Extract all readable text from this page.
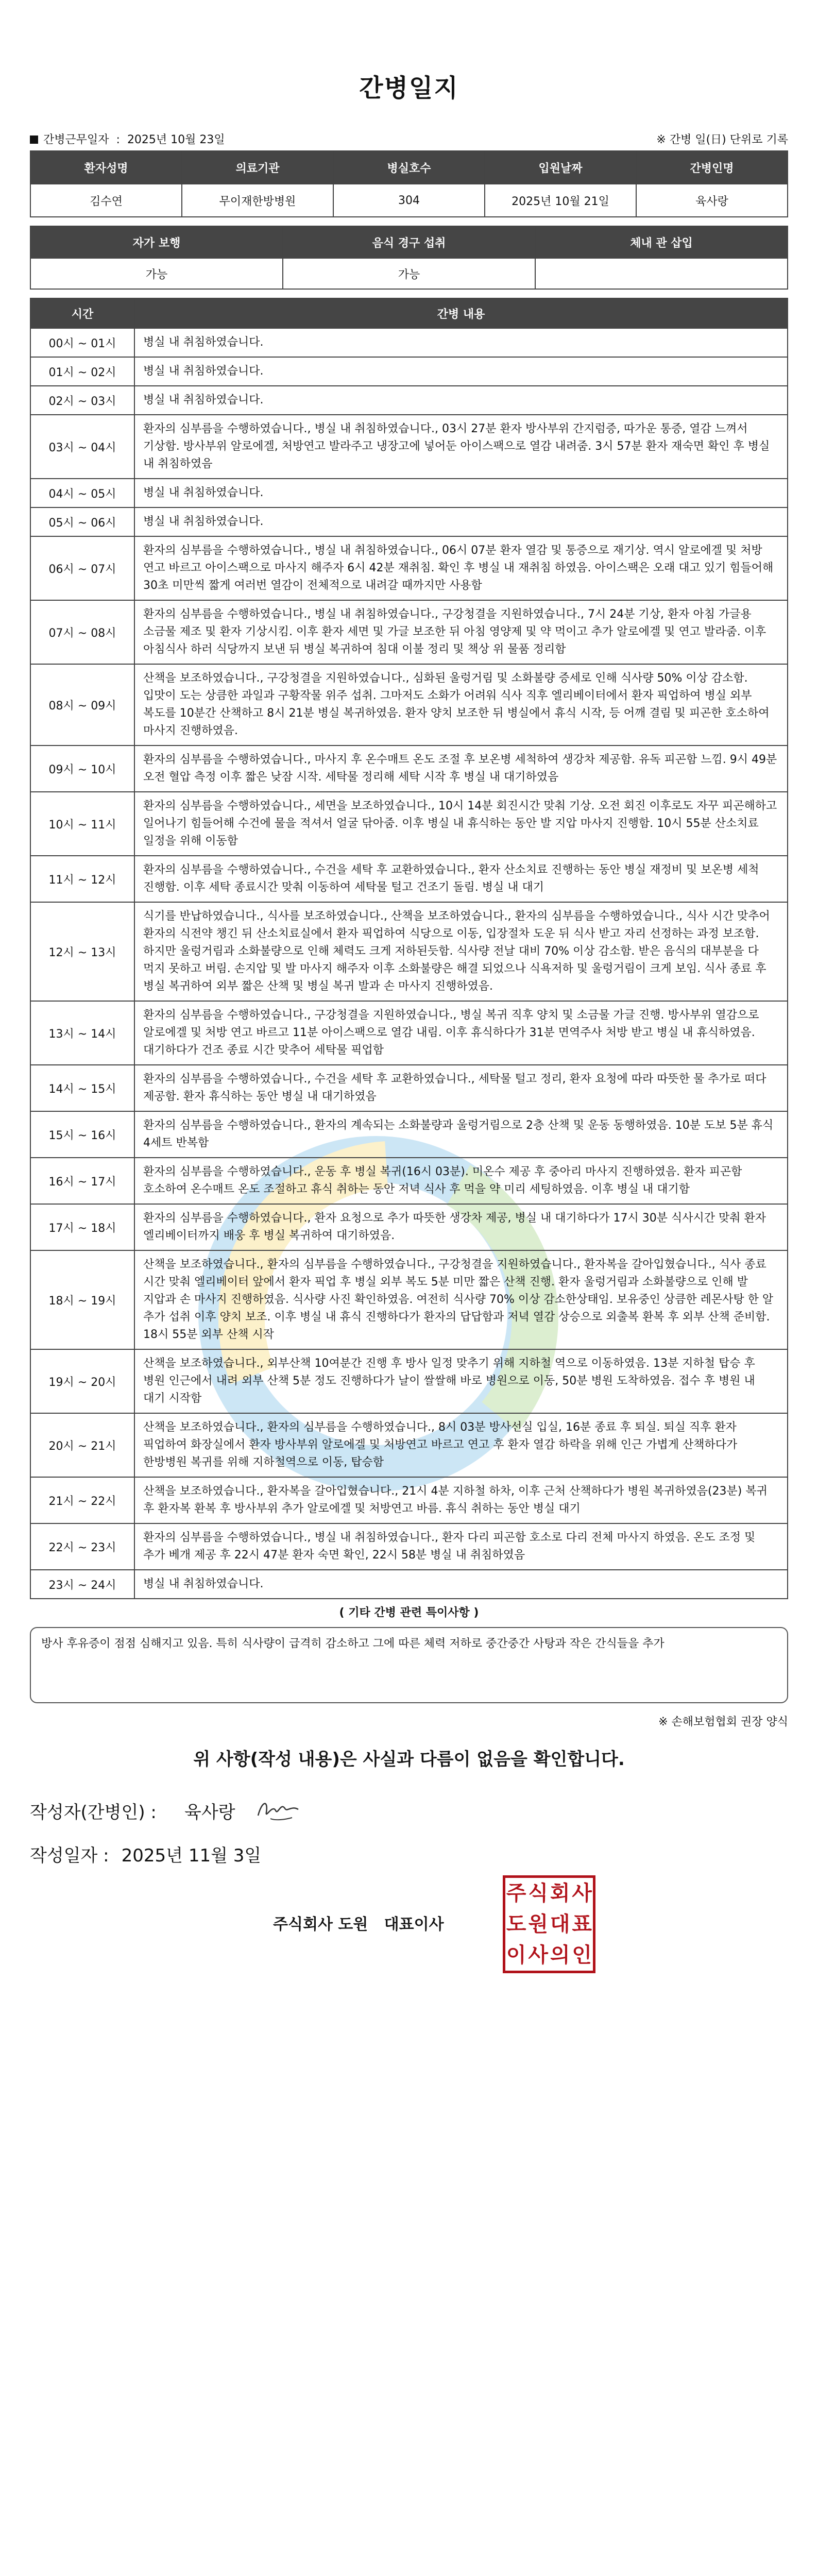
간병일지
간병근무일자 : 2025년 10월 23일	※ 간병 일(日) 단위로 기록
환자성명	의료기관	병실호수	입원날짜	간병인명
김수연	무이재한방병원	304	2025년 10월 21일	육사랑
자가 보행	음식 경구 섭취	체내 관 삽입
가능	가능	
시간	간병 내용
00시 ~ 01시	병실 내 취침하였습니다.
01시 ~ 02시	병실 내 취침하였습니다.
02시 ~ 03시	병실 내 취침하였습니다.
03시 ~ 04시	환자의 심부름을 수행하였습니다., 병실 내 취침하였습니다., 03시 27분 환자 방사부위 간지럼증, 따가운 통증, 열감 느껴서 기상함. 방사부위 알로에겔, 처방연고 발라주고 냉장고에 넣어둔 아이스팩으로 열감 내려줌. 3시 57분 환자 재숙면 확인 후 병실 내 취침하였음
04시 ~ 05시	병실 내 취침하였습니다.
05시 ~ 06시	병실 내 취침하였습니다.
06시 ~ 07시	환자의 심부름을 수행하였습니다., 병실 내 취침하였습니다., 06시 07분 환자 열감 및 통증으로 재기상. 역시 알로에겔 및 처방 연고 바르고 아이스팩으로 마사지 해주자 6시 42분 재취침. 확인 후 병실 내 재취침 하였음. 아이스팩은 오래 대고 있기 힘들어해 30초 미만씩 짧게 여러번 열감이 전체적으로 내려갈 때까지만 사용함
07시 ~ 08시	환자의 심부름을 수행하였습니다., 병실 내 취침하였습니다., 구강청결을 지원하였습니다., 7시 24분 기상, 환자 아침 가글용 소금물 제조 및 환자 기상시킴. 이후 환자 세면 및 가글 보조한 뒤 아침 영양제 및 약 먹이고 추가 알로에겔 및 연고 발라줌. 이후 아침식사 하러 식당까지 보낸 뒤 병실 복귀하여 침대 이불 정리 및 책상 위 물품 정리함
08시 ~ 09시	산책을 보조하였습니다., 구강청결을 지원하였습니다., 심화된 울렁거림 및 소화불량 증세로 인해 식사량 50% 이상 감소함. 입맛이 도는 상큼한 과일과 구황작물 위주 섭취. 그마저도 소화가 어려워 식사 직후 엘리베이터에서 환자 픽업하여 병실 외부 복도를 10분간 산책하고 8시 21분 병실 복귀하였음. 환자 양치 보조한 뒤 병실에서 휴식 시작, 등 어깨 결림 및 피곤한 호소하여 마사지 진행하였음.
09시 ~ 10시	환자의 심부름을 수행하였습니다., 마사지 후 온수매트 온도 조절 후 보온병 세척하여 생강차 제공함. 유독 피곤함 느낌. 9시 49분 오전 혈압 측정 이후 짧은 낮잠 시작. 세탁물 정리해 세탁 시작 후 병실 내 대기하였음
10시 ~ 11시	환자의 심부름을 수행하였습니다., 세면을 보조하였습니다., 10시 14분 회진시간 맞춰 기상. 오전 회진 이후로도 자꾸 피곤해하고 일어나기 힘들어해 수건에 물을 적셔서 얼굴 닦아줌. 이후 병실 내 휴식하는 동안 발 지압 마사지 진행함. 10시 55분 산소치료 일정을 위해 이동함
11시 ~ 12시	환자의 심부름을 수행하였습니다., 수건을 세탁 후 교환하였습니다., 환자 산소치료 진행하는 동안 병실 재정비 및 보온병 세척 진행함. 이후 세탁 종료시간 맞춰 이동하여 세탁물 털고 건조기 돌림. 병실 내 대기
12시 ~ 13시	식기를 반납하였습니다., 식사를 보조하였습니다., 산책을 보조하였습니다., 환자의 심부름을 수행하였습니다., 식사 시간 맞추어 환자의 식전약 챙긴 뒤 산소치료실에서 환자 픽업하여 식당으로 이동, 입장절차 도운 뒤 식사 받고 자리 선정하는 과정 보조함. 하지만 울렁거림과 소화불량으로 인해 체력도 크게 저하된듯함. 식사량 전날 대비 70% 이상 감소함. 받은 음식의 대부분을 다 먹지 못하고 버림. 손지압 및 발 마사지 해주자 이후 소화불량은 해결 되었으나 식욕저하 및 울렁거림이 크게 보임. 식사 종료 후 병실 복귀하여 외부 짧은 산책 및 병실 복귀 발과 손 마사지 진행하였음.
13시 ~ 14시	환자의 심부름을 수행하였습니다., 구강청결을 지원하였습니다., 병실 복귀 직후 양치 및 소금물 가글 진행. 방사부위 열감으로 알로에겔 및 처방 연고 바르고 11분 아이스팩으로 열감 내림. 이후 휴식하다가 31분 면역주사 처방 받고 병실 내 휴식하였음. 대기하다가 건조 종료 시간 맞추어 세탁물 픽업함
14시 ~ 15시	환자의 심부름을 수행하였습니다., 수건을 세탁 후 교환하였습니다., 세탁물 털고 정리, 환자 요청에 따라 따뜻한 물 추가로 떠다 제공함. 환자 휴식하는 동안 병실 내 대기하였음
15시 ~ 16시	환자의 심부름을 수행하였습니다., 환자의 계속되는 소화불량과 울렁거림으로 2층 산책 및 운동 동행하였음. 10분 도보 5분 휴식 4세트 반복함
16시 ~ 17시	환자의 심부름을 수행하였습니다., 운동 후 병실 복귀(16시 03분). 미온수 제공 후 중아리 마사지 진행하였음. 환자 피곤함 호소하여 온수매트 온도 조절하고 휴식 취하는 동안 저녁 식사 후 먹을 약 미리 세팅하였음. 이후 병실 내 대기함
17시 ~ 18시	환자의 심부름을 수행하였습니다., 환자 요청으로 추가 따뜻한 생강차 제공, 병실 내 대기하다가 17시 30분 식사시간 맞춰 환자 엘리베이터까지 배웅 후 병실 복귀하여 대기하였음.
18시 ~ 19시	산책을 보조하였습니다., 환자의 심부름을 수행하였습니다., 구강청결을 지원하였습니다., 환자복을 갈아입혔습니다., 식사 종료 시간 맞춰 엘리베이터 앞에서 환자 픽업 후 병실 외부 복도 5분 미만 짧은 산책 진행. 환자 울렁거림과 소화불량으로 인해 발 지압과 손 마사지 진행하였음. 식사량 사진 확인하였음. 여전히 식사량 70% 이상 감소한상태임. 보유중인 상큼한 레몬사탕 한 알 추가 섭취 이후 양치 보조. 이후 병실 내 휴식 진행하다가 환자의 답답함과 저녁 열감 상승으로 외출복 환복 후 외부 산책 준비함. 18시 55분 외부 산책 시작
19시 ~ 20시	산책을 보조하였습니다., 외부산책 10여분간 진행 후 방사 일정 맞추기 위해 지하철 역으로 이동하였음. 13분 지하철 탑승 후 병원 인근에서 내려 외부 산책 5분 정도 진행하다가 날이 쌀쌀해 바로 병원으로 이동, 50분 병원 도착하였음. 접수 후 병원 내 대기 시작함
20시 ~ 21시	산책을 보조하였습니다., 환자의 심부름을 수행하였습니다., 8시 03분 방사선실 입실, 16분 종료 후 퇴실. 퇴실 직후 환자 픽업하여 화장실에서 환자 방사부위 알로에겔 및 처방연고 바르고 연고 후 환자 열감 하락을 위해 인근 가볍게 산책하다가 한방병원 복귀를 위해 지하철역으로 이동, 탑승함
21시 ~ 22시	산책을 보조하였습니다., 환자복을 갈아입혔습니다., 21시 4분 지하철 하차, 이후 근처 산책하다가 병원 복귀하였음(23분) 복귀 후 환자복 환복 후 방사부위 추가 알로에겔 및 처방연고 바름. 휴식 취하는 동안 병실 대기
22시 ~ 23시	환자의 심부름을 수행하였습니다., 병실 내 취침하였습니다., 환자 다리 피곤함 호소로 다리 전체 마사지 하였음. 온도 조정 및 추가 베개 제공 후 22시 47분 환자 숙면 확인, 22시 58분 병실 내 취침하였음
23시 ~ 24시	병실 내 취침하였습니다.
( 기타 간병 관련 특이사항 )
방사 후유증이 점점 심해지고 있음. 특히 식사량이 급격히 감소하고 그에 따른 체력 저하로 중간중간 사탕과 작은 간식들을 추가
※ 손해보험협회 권장 양식
위 사항(작성 내용)은 사실과 다름이 없음을 확인합니다.
작성자(간병인) :	육사랑
작성일자 : 2025년 11월 3일
주식회사 도원 대표이사
주 식 회 사
도 원 대 표
이 사 의 인
